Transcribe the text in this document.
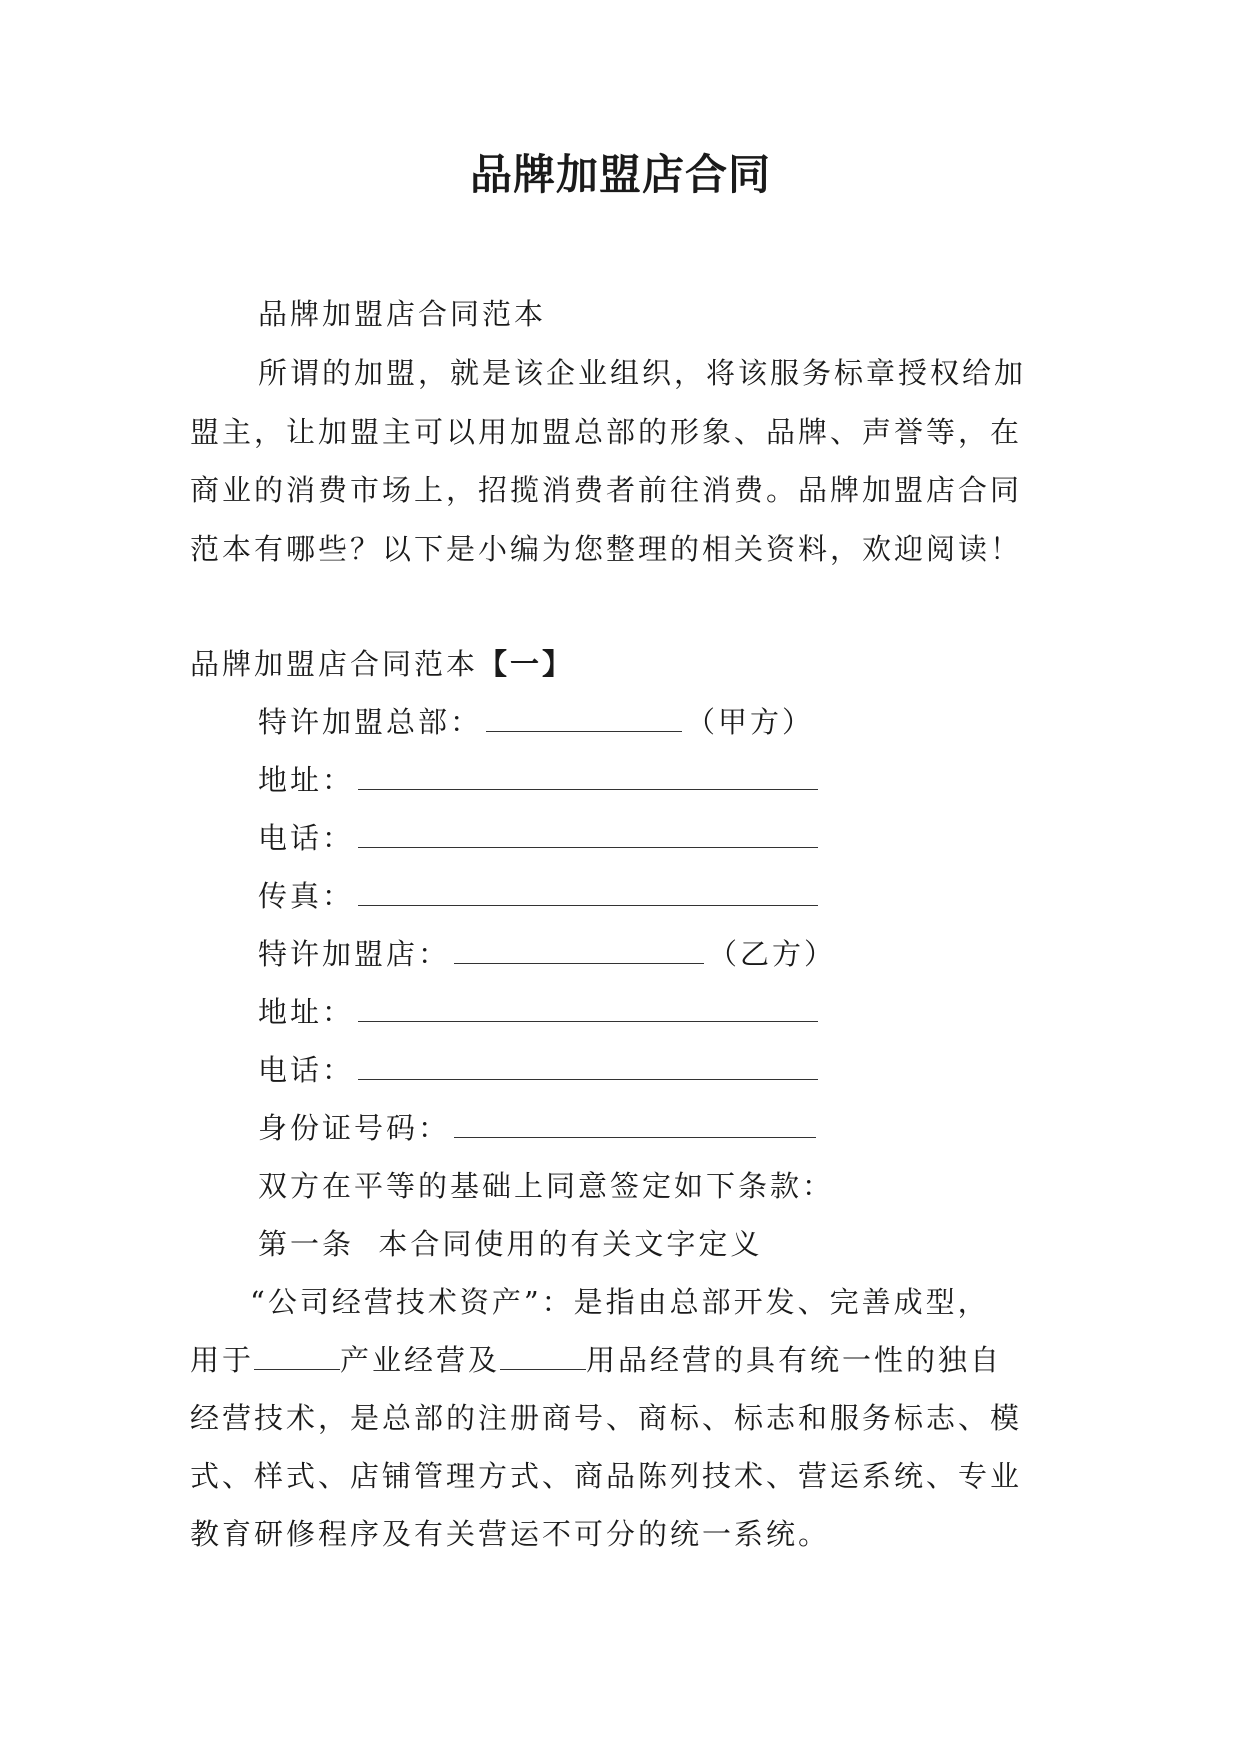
品牌加盟店合同
品牌加盟店合同范本
所谓的加盟，就是该企业组织，将该服务标章授权给加
盟主，让加盟主可以用加盟总部的形象、品牌、声誉等，在
商业的消费市场上，招揽消费者前往消费。品牌加盟店合同
范本有哪些？以下是小编为您整理的相关资料，欢迎阅读！
品牌加盟店合同范本【一】
特许加盟总部：	（甲方）
地址：
电话：
传真：
特许加盟店：	（乙方）
地址：
电话：
身份证号码：
双方在平等的基础上同意签定如下条款：
第一条  本合同使用的有关文字定义
“公司经营技术资产”：是指由总部开发、完善成型，
用于	产业经营及	用品经营的具有统一性的独自
经营技术，是总部的注册商号、商标、标志和服务标志、模
式、样式、店铺管理方式、商品陈列技术、营运系统、专业
教育研修程序及有关营运不可分的统一系统。
